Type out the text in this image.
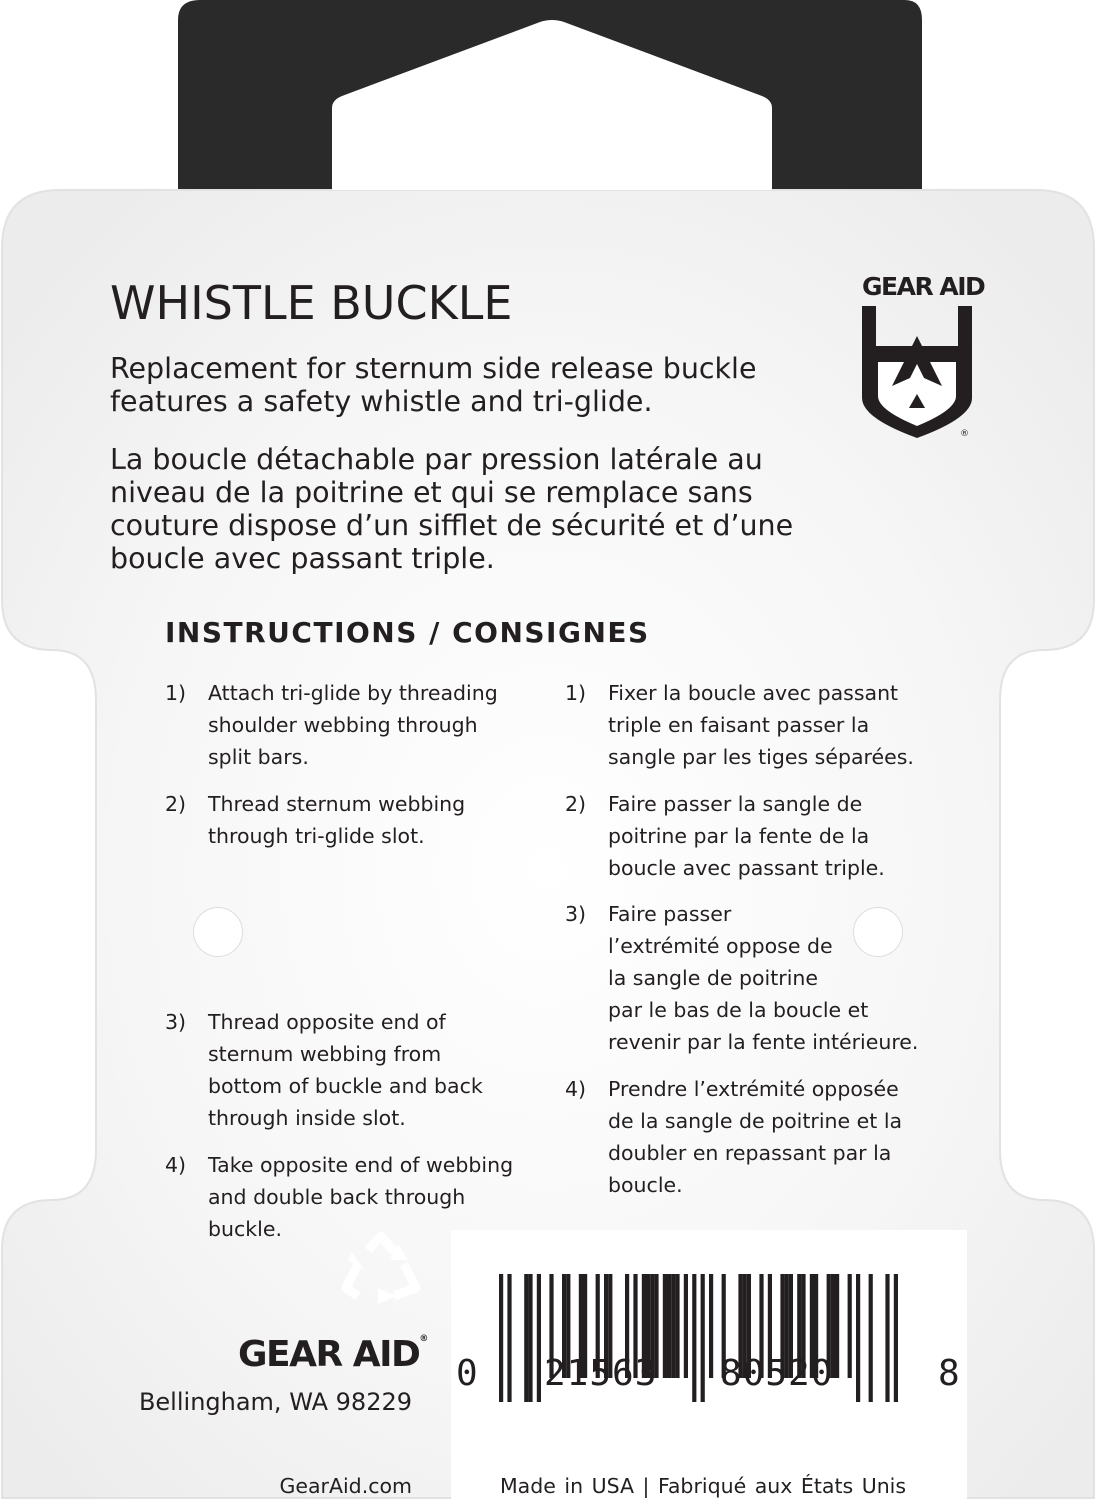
GEAR AID
®
WHISTLE BUCKLE
Replacement for sternum side release buckle
features a safety whistle and tri-glide.
La boucle détachable par pression latérale au
niveau de la poitrine et qui se remplace sans
couture dispose d’un sifflet de sécurité et d’une
boucle avec passant triple.
INSTRUCTIONS / CONSIGNES
1) Attach tri-glide by threading
shoulder webbing through
split bars.
2) Thread sternum webbing
through tri-glide slot.
3) Thread opposite end of
sternum webbing from
bottom of buckle and back
through inside slot.
4) Take opposite end of webbing
and double back through
buckle.
1) Fixer la boucle avec passant
triple en faisant passer la
sangle par les tiges séparées.
2) Faire passer la sangle de
poitrine par la fente de la
boucle avec passant triple.
3) Faire passer
l’extrémité oppose de
la sangle de poitrine
par le bas de la boucle et
revenir par la fente intérieure.
4) Prendre l’extrémité opposée
de la sangle de poitrine et la
doubler en repassant par la
boucle.
GEAR AID®
Bellingham, WA 98229
GearAid.com
0 21563 80520	8
Made in USA | Fabriqué aux États Unis
